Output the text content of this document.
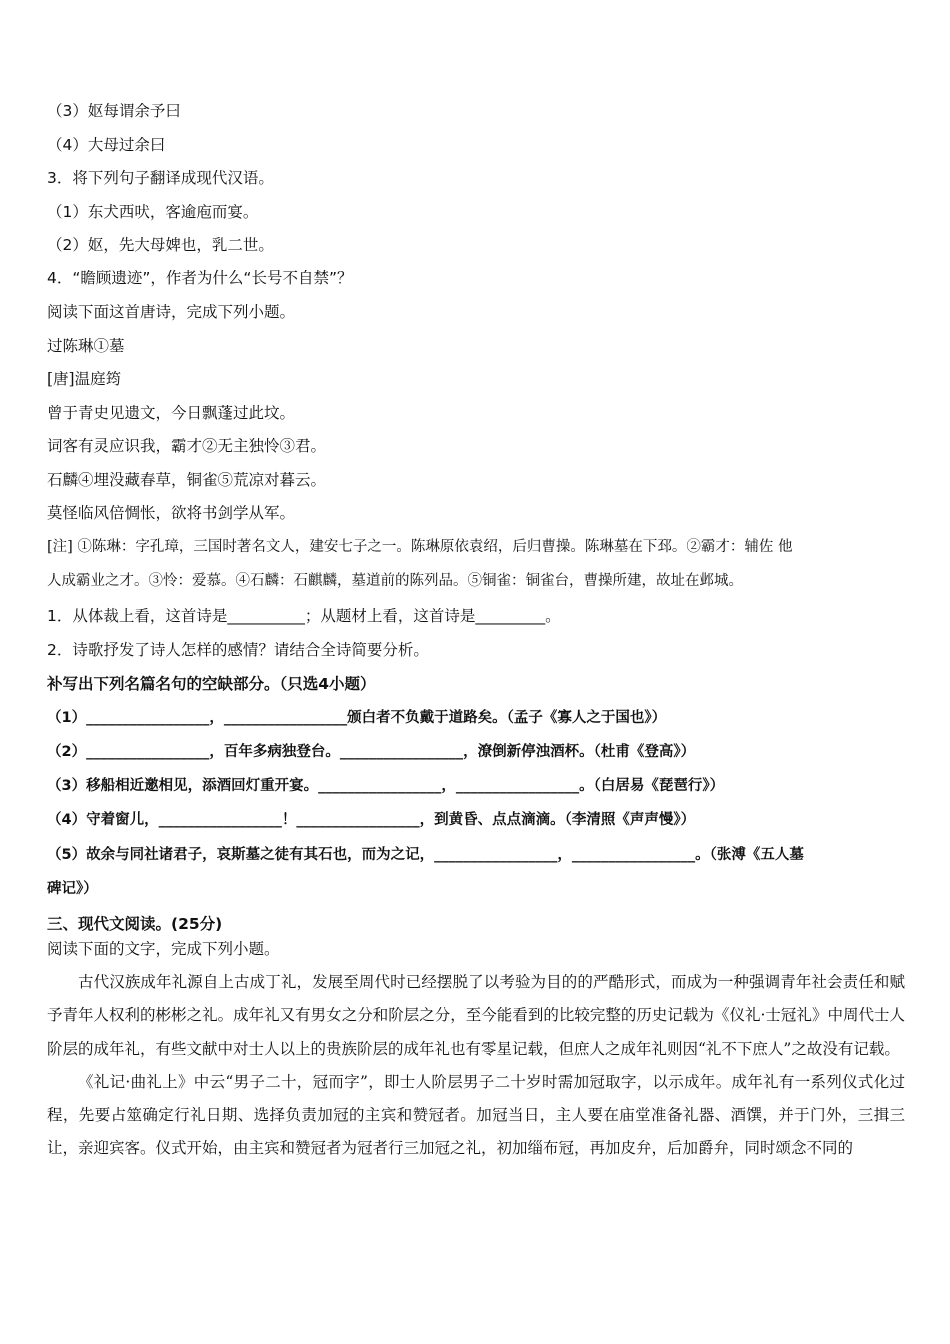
（3）妪每谓余予曰
（4）大母过余曰
3．将下列句子翻译成现代汉语。
（1）东犬西吠，客逾庖而宴。
（2）妪，先大母婢也，乳二世。
4．“瞻顾遗迹”，作者为什么“长号不自禁”？
阅读下面这首唐诗，完成下列小题。
过陈琳①墓
[唐]温庭筠
曾于青史见遗文，今日飘蓬过此坟。
词客有灵应识我，霸才②无主独怜③君。
石麟④埋没藏春草，铜雀⑤荒凉对暮云。
莫怪临风倍惆怅，欲将书剑学从军。
[注] ①陈琳：字孔璋，三国时著名文人，建安七子之一。陈琳原依袁绍，后归曹操。陈琳墓在下邳。②霸才：辅佐 他
人成霸业之才。③怜：爱慕。④石麟：石麒麟，墓道前的陈列品。⑤铜雀：铜雀台，曹操所建，故址在邺城。
1．从体裁上看，这首诗是__________；从题材上看，这首诗是_________。
2．诗歌抒发了诗人怎样的感情？请结合全诗简要分析。
补写出下列名篇名句的空缺部分。（只选4小题）
（1）_________________，_________________颁白者不负戴于道路矣。（孟子《寡人之于国也》）
（2）_________________，百年多病独登台。_________________，潦倒新停浊酒杯。（杜甫《登高》）
（3）移船相近邀相见，添酒回灯重开宴。_________________，_________________。（白居易《琵琶行》）
（4）守着窗儿，_________________！_________________，到黄昏、点点滴滴。（李清照《声声慢》）
（5）故余与同社诸君子，哀斯墓之徒有其石也，而为之记，_________________，_________________。（张溥《五人墓
碑记》）
三、现代文阅读。(25分)
阅读下面的文字，完成下列小题。

古代汉族成年礼源自上古成丁礼，发展至周代时已经摆脱了以考验为目的的严酷形式，而成为一种强调青年社会责任和赋予青年人权利的彬彬之礼。成年礼又有男女之分和阶层之分，至今能看到的比较完整的历史记载为《仪礼·士冠礼》中周代士人阶层的成年礼，有些文献中对士人以上的贵族阶层的成年礼也有零星记载，但庶人之成年礼则因“礼不下庶人”之故没有记载。

《礼记·曲礼上》中云“男子二十，冠而字”，即士人阶层男子二十岁时需加冠取字，以示成年。成年礼有一系列仪式化过程，先要占筮确定行礼日期、选择负责加冠的主宾和赞冠者。加冠当日，主人要在庙堂准备礼器、酒馔，并于门外，三揖三让，亲迎宾客。仪式开始，由主宾和赞冠者为冠者行三加冠之礼，初加缁布冠，再加皮弁，后加爵弁，同时颂念不同的
